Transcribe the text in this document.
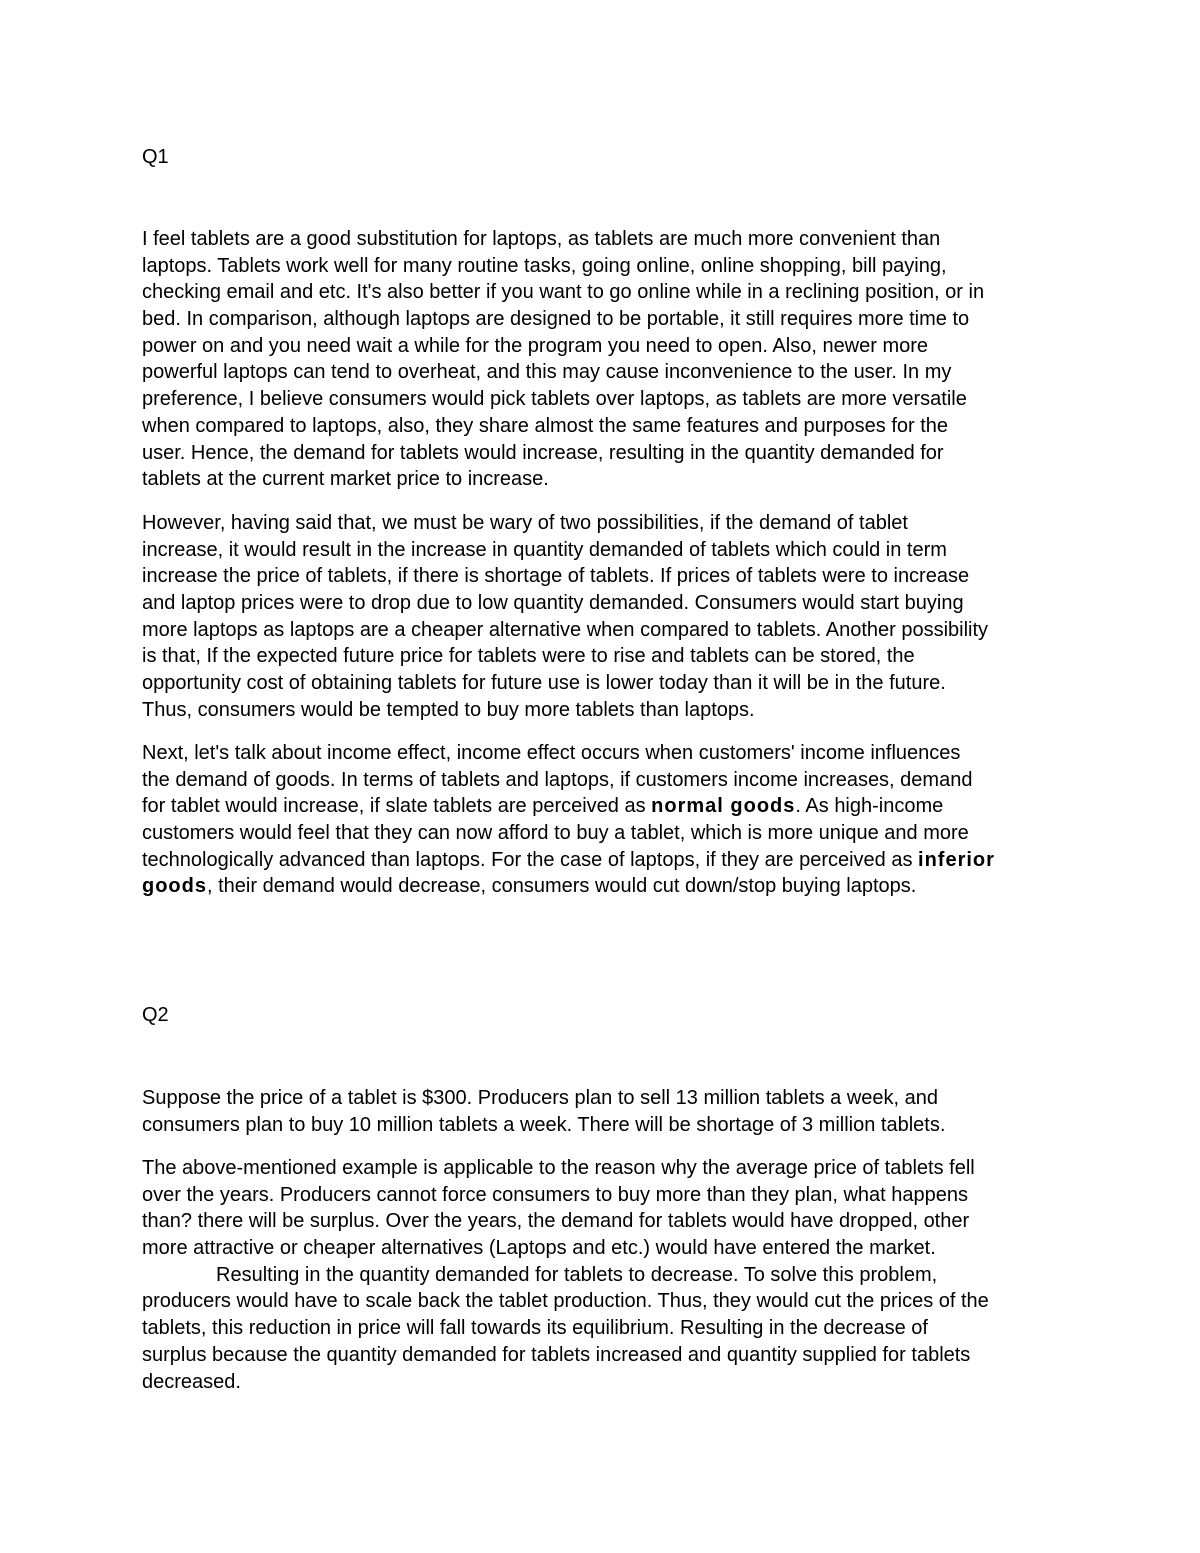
Q1

I feel tablets are a good substitution for laptops, as tablets are much more convenient than
laptops. Tablets work well for many routine tasks, going online, online shopping, bill paying,
checking email and etc. It's also better if you want to go online while in a reclining position, or in
bed. In comparison, although laptops are designed to be portable, it still requires more time to
power on and you need wait a while for the program you need to open. Also, newer more
powerful laptops can tend to overheat, and this may cause inconvenience to the user. In my
preference, I believe consumers would pick tablets over laptops, as tablets are more versatile
when compared to laptops, also, they share almost the same features and purposes for the
user. Hence, the demand for tablets would increase, resulting in the quantity demanded for
tablets at the current market price to increase.

However, having said that, we must be wary of two possibilities, if the demand of tablet
increase, it would result in the increase in quantity demanded of tablets which could in term
increase the price of tablets, if there is shortage of tablets. If prices of tablets were to increase
and laptop prices were to drop due to low quantity demanded. Consumers would start buying
more laptops as laptops are a cheaper alternative when compared to tablets. Another possibility
is that, If the expected future price for tablets were to rise and tablets can be stored, the
opportunity cost of obtaining tablets for future use is lower today than it will be in the future.
Thus, consumers would be tempted to buy more tablets than laptops.

Next, let's talk about income effect, income effect occurs when customers' income influences
the demand of goods. In terms of tablets and laptops, if customers income increases, demand
for tablet would increase, if slate tablets are perceived as normal goods. As high-income
customers would feel that they can now afford to buy a tablet, which is more unique and more
technologically advanced than laptops. For the case of laptops, if they are perceived as inferior
goods, their demand would decrease, consumers would cut down/stop buying laptops.

Q2

Suppose the price of a tablet is $300. Producers plan to sell 13 million tablets a week, and
consumers plan to buy 10 million tablets a week. There will be shortage of 3 million tablets.

The above-mentioned example is applicable to the reason why the average price of tablets fell
over the years. Producers cannot force consumers to buy more than they plan, what happens
than? there will be surplus. Over the years, the demand for tablets would have dropped, other
more attractive or cheaper alternatives (Laptops and etc.) would have entered the market.
Resulting in the quantity demanded for tablets to decrease. To solve this problem,
producers would have to scale back the tablet production. Thus, they would cut the prices of the
tablets, this reduction in price will fall towards its equilibrium. Resulting in the decrease of
surplus because the quantity demanded for tablets increased and quantity supplied for tablets
decreased.
